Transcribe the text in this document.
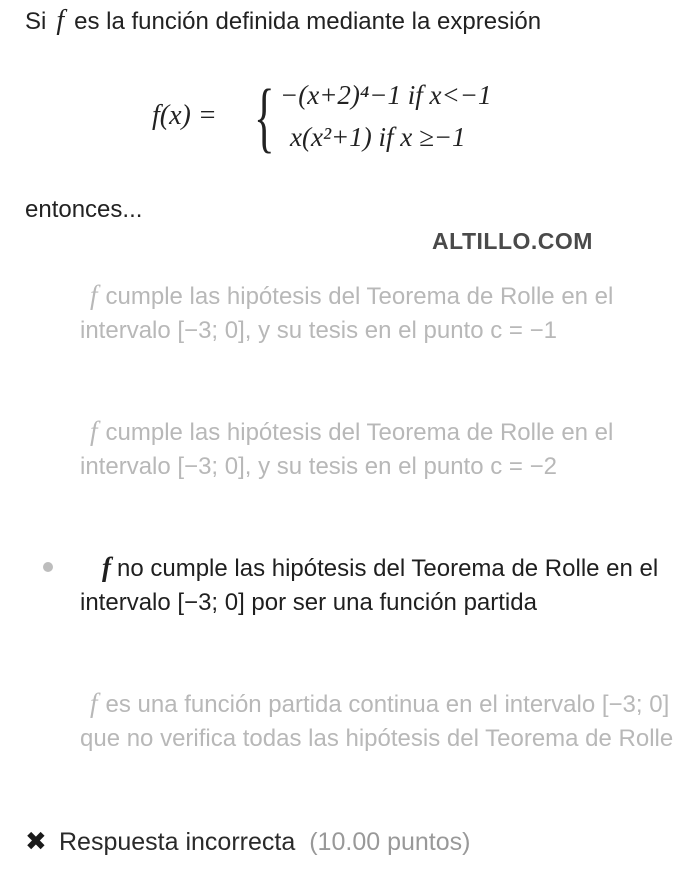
Si f es la función definida mediante la expresión
f(x) = { −(x+2)⁴−1 if x<−1
x(x²+1) if x ≥−1
entonces...
ALTILLO.COM
f cumple las hipótesis del Teorema de Rolle en el intervalo [−3; 0], y su tesis en el punto c = −1
f cumple las hipótesis del Teorema de Rolle en el intervalo [−3; 0], y su tesis en el punto c = −2
f no cumple las hipótesis del Teorema de Rolle en el intervalo [−3; 0] por ser una función partida
f es una función partida continua en el intervalo [−3; 0] que no verifica todas las hipótesis del Teorema de Rolle
✖ Respuesta incorrecta (10.00 puntos)
